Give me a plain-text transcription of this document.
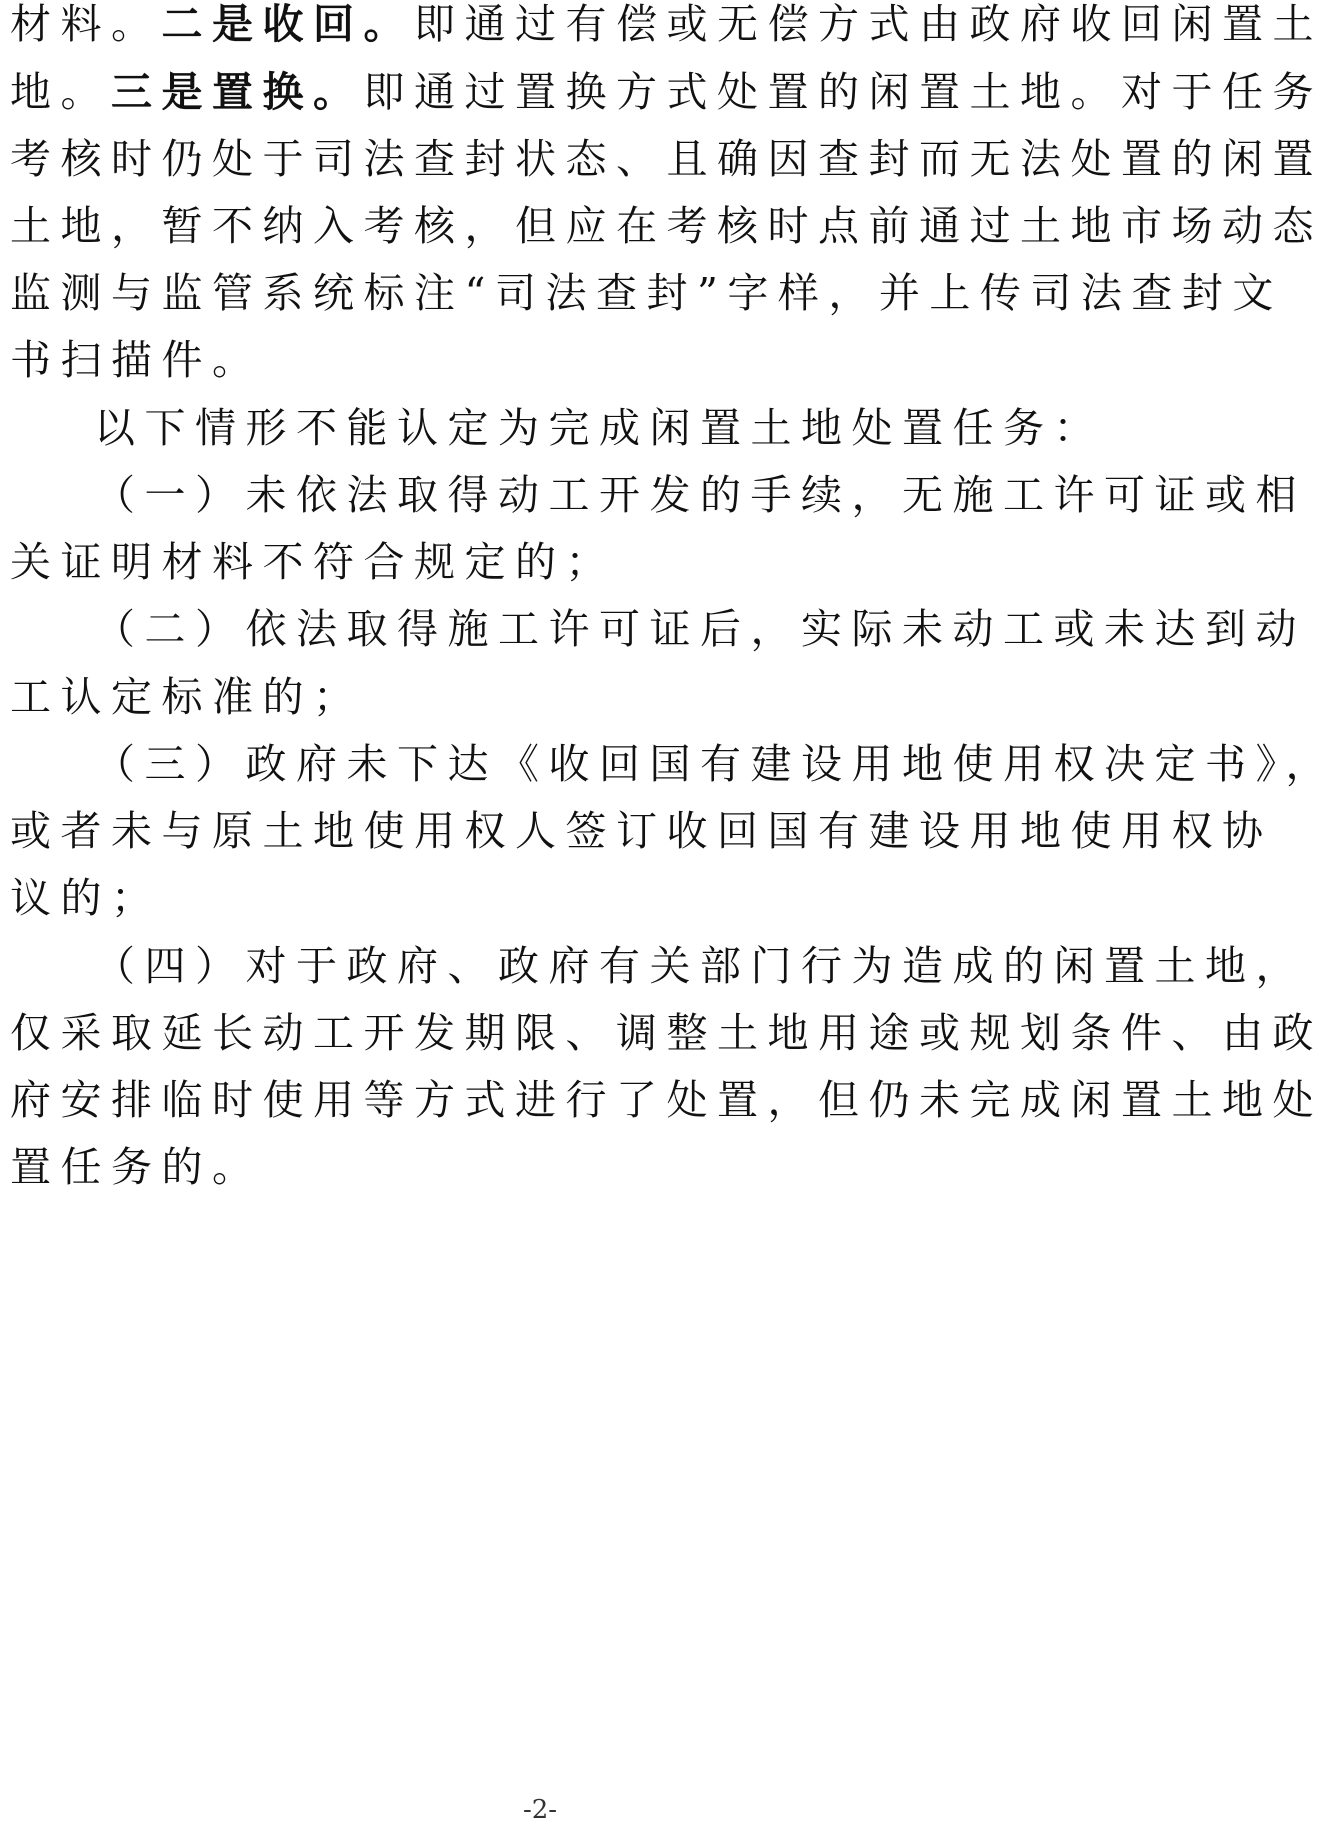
材料。二是收回。即通过有偿或无偿方式由政府收回闲置土
地。三是置换。即通过置换方式处置的闲置土地。对于任务
考核时仍处于司法查封状态、且确因查封而无法处置的闲置
土地，暂不纳入考核，但应在考核时点前通过土地市场动态
监测与监管系统标注“司法查封”字样，并上传司法查封文
书扫描件。
以下情形不能认定为完成闲置土地处置任务：
（一）未依法取得动工开发的手续，无施工许可证或相
关证明材料不符合规定的；
（二）依法取得施工许可证后，实际未动工或未达到动
工认定标准的；
（三）政府未下达《收回国有建设用地使用权决定书》，
或者未与原土地使用权人签订收回国有建设用地使用权协
议的；
（四）对于政府、政府有关部门行为造成的闲置土地，
仅采取延长动工开发期限、调整土地用途或规划条件、由政
府安排临时使用等方式进行了处置，但仍未完成闲置土地处
置任务的。
-2-
